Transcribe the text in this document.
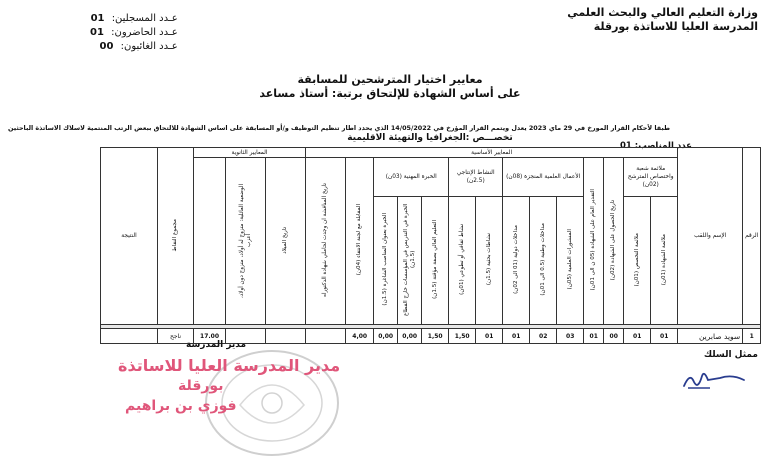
وزارة التعليم العالي والبحث العلمي
المدرسة العليا للاساتذة بورقلة
عـدد المسجلين: 01
عـدد الحاضرون: 01
عـدد الغائبون: 00
معايير اختيار المترشحين للمسابقة
على أساس الشهادة للإلتحاق برتبة: أستاذ مساعد
طبقا لأحكام القرار المورخ في 29 ماي 2023 يعدل ويتمم القرار المؤرخ في 14/05/2022 الذي يحدد اطار تنظيم التوظيف و/أو المسابقة على اساس الشهادة للالتحاق ببعض الرتب المنتمية لاسلاك الاساتذة الباحثين
تخصـــص :الجغرافيا والتهيئة الاقليمية
عدد المناصب: 01
الرقم	الإسم واللقب	المعايير الأساسية														المعايير الثانوية			مجموع النقاط	النتيجة	
		ملائمة شعبة واختصاص المترشح (02ن)		تاريخ الحصول على الشهادة (02ن)	التقدير العام على الشهادة (05 ن الى 01ن)	الأعمال العلمية المنجزة (08ن)			النشاط الإنتاجي (2.5ن)		الخبرة المهنية (03ن)			المقابلة مع لجنة الانتقاء (04ن)	تاريخ المناقشة ان وجدت لحاملي شهادة الدكتوراه	تاريخ الميلاد	الوضعية العائلية: متزوج له أولاد، متزوج دون أولاد، أعزب				
		ملائمة الشهادة (01ن)	ملائمة التخصص (01ن)			المنشورات العلمية (05ن)	مداخلات وطنية (0.5 الى 01ن)	مداخلات دولية (01 الى 02ن)	نشاطات بحثية (1.5ن)	نشاط ثقافي أو تطوعي (01ن)	التعليم العالي بصفة مؤقتة (1.5ن)	الخبرة في التدريس في المؤسسات خارج القطاع (1.5ن)	الخبرة بعنوان المناصب الشاغرة (1.5ن)								

1	سويد صابرين	01	01	00	01	03	02	01	01	1,50	1,50	0,00	0,00	4,00				17.00	ناجح		
ممثل السلك
مدير المدرسة
مدير المدرسة العليا للاساتذة
بورقلة
فوزي بن براهيم
